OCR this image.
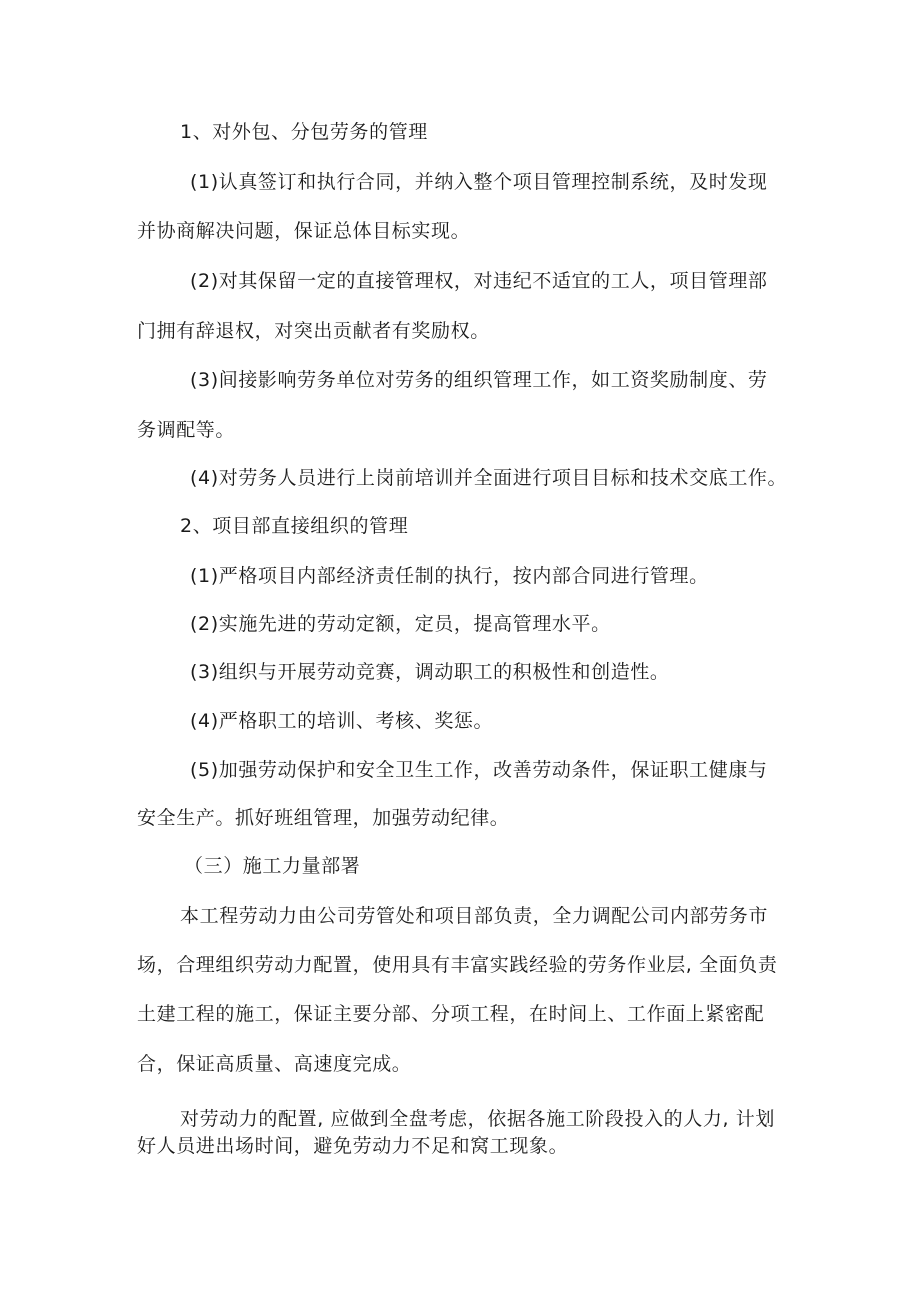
1、对外包、分包劳务的管理

(1)认真签订和执行合同，并纳入整个项目管理控制系统，及时发现

并协商解决问题，保证总体目标实现。

(2)对其保留一定的直接管理权，对违纪不适宜的工人，项目管理部

门拥有辞退权，对突出贡献者有奖励权。

(3)间接影响劳务单位对劳务的组织管理工作，如工资奖励制度、劳

务调配等。

(4)对劳务人员进行上岗前培训并全面进行项目目标和技术交底工作。

2、项目部直接组织的管理

(1)严格项目内部经济责任制的执行，按内部合同进行管理。

(2)实施先进的劳动定额，定员，提高管理水平。

(3)组织与开展劳动竞赛，调动职工的积极性和创造性。

(4)严格职工的培训、考核、奖惩。

(5)加强劳动保护和安全卫生工作，改善劳动条件，保证职工健康与

安全生产。抓好班组管理，加强劳动纪律。

（三）施工力量部署

本工程劳动力由公司劳管处和项目部负责，全力调配公司内部劳务市

场，合理组织劳动力配置，使用具有丰富实践经验的劳务作业层, 全面负责

土建工程的施工，保证主要分部、分项工程，在时间上、工作面上紧密配

合，保证高质量、高速度完成。

对劳动力的配置, 应做到全盘考虑，依据各施工阶段投入的人力, 计划

好人员进出场时间，避免劳动力不足和窝工现象。
